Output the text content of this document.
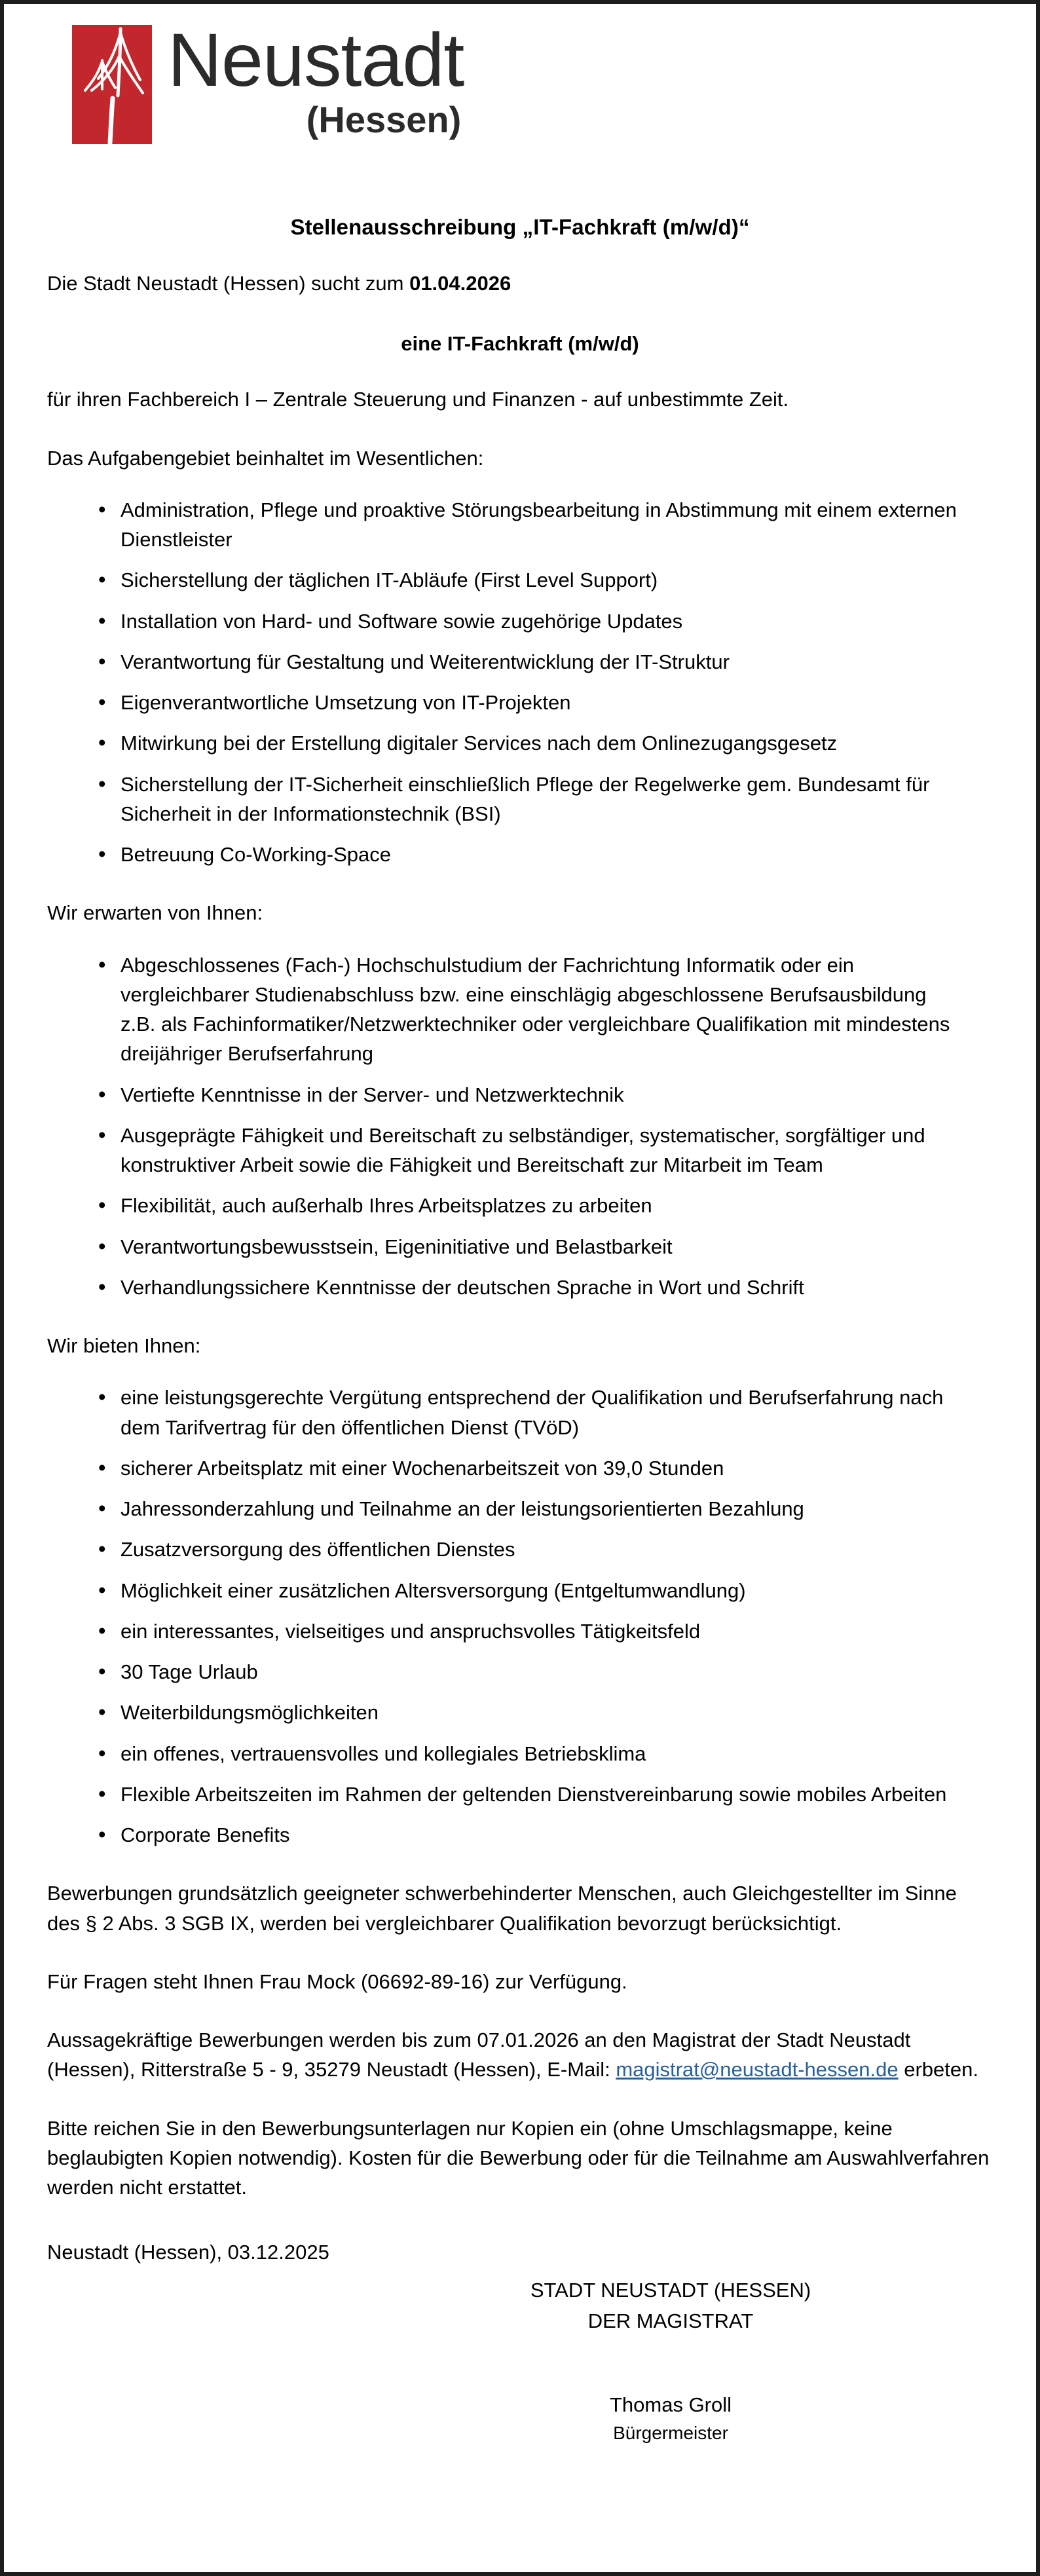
Neustadt
(Hessen)
Stellenausschreibung „IT-Fachkraft (m/w/d)“

Die Stadt Neustadt (Hessen) sucht zum 01.04.2026

eine IT-Fachkraft (m/w/d)

für ihren Fachbereich I – Zentrale Steuerung und Finanzen - auf unbestimmte Zeit.

Das Aufgabengebiet beinhaltet im Wesentlichen:

• Administration, Pflege und proaktive Störungsbearbeitung in Abstimmung mit einem externen Dienstleister
• Sicherstellung der täglichen IT-Abläufe (First Level Support)
• Installation von Hard- und Software sowie zugehörige Updates
• Verantwortung für Gestaltung und Weiterentwicklung der IT-Struktur
• Eigenverantwortliche Umsetzung von IT-Projekten
• Mitwirkung bei der Erstellung digitaler Services nach dem Onlinezugangsgesetz
• Sicherstellung der IT-Sicherheit einschließlich Pflege der Regelwerke gem. Bundesamt für Sicherheit in der Informationstechnik (BSI)
• Betreuung Co-Working-Space

Wir erwarten von Ihnen:

• Abgeschlossenes (Fach-) Hochschulstudium der Fachrichtung Informatik oder ein vergleichbarer Studienabschluss bzw. eine einschlägig abgeschlossene Berufsausbildung z.B. als Fachinformatiker/Netzwerktechniker oder vergleichbare Qualifikation mit mindestens dreijähriger Berufserfahrung
• Vertiefte Kenntnisse in der Server- und Netzwerktechnik
• Ausgeprägte Fähigkeit und Bereitschaft zu selbständiger, systematischer, sorgfältiger und konstruktiver Arbeit sowie die Fähigkeit und Bereitschaft zur Mitarbeit im Team
• Flexibilität, auch außerhalb Ihres Arbeitsplatzes zu arbeiten
• Verantwortungsbewusstsein, Eigeninitiative und Belastbarkeit
• Verhandlungssichere Kenntnisse der deutschen Sprache in Wort und Schrift

Wir bieten Ihnen:

• eine leistungsgerechte Vergütung entsprechend der Qualifikation und Berufserfahrung nach dem Tarifvertrag für den öffentlichen Dienst (TVöD)
• sicherer Arbeitsplatz mit einer Wochenarbeitszeit von 39,0 Stunden
• Jahressonderzahlung und Teilnahme an der leistungsorientierten Bezahlung
• Zusatzversorgung des öffentlichen Dienstes
• Möglichkeit einer zusätzlichen Altersversorgung (Entgeltumwandlung)
• ein interessantes, vielseitiges und anspruchsvolles Tätigkeitsfeld
• 30 Tage Urlaub
• Weiterbildungsmöglichkeiten
• ein offenes, vertrauensvolles und kollegiales Betriebsklima
• Flexible Arbeitszeiten im Rahmen der geltenden Dienstvereinbarung sowie mobiles Arbeiten
• Corporate Benefits

Bewerbungen grundsätzlich geeigneter schwerbehinderter Menschen, auch Gleichgestellter im Sinne des § 2 Abs. 3 SGB IX, werden bei vergleichbarer Qualifikation bevorzugt berücksichtigt.

Für Fragen steht Ihnen Frau Mock (06692-89-16) zur Verfügung.

Aussagekräftige Bewerbungen werden bis zum 07.01.2026 an den Magistrat der Stadt Neustadt (Hessen), Ritterstraße 5 - 9, 35279 Neustadt (Hessen), E-Mail: magistrat@neustadt-hessen.de erbeten.

Bitte reichen Sie in den Bewerbungsunterlagen nur Kopien ein (ohne Umschlagsmappe, keine beglaubigten Kopien notwendig). Kosten für die Bewerbung oder für die Teilnahme am Auswahlverfahren werden nicht erstattet.

Neustadt (Hessen), 03.12.2025
STADT NEUSTADT (HESSEN)
DER MAGISTRAT
Thomas Groll
Bürgermeister
